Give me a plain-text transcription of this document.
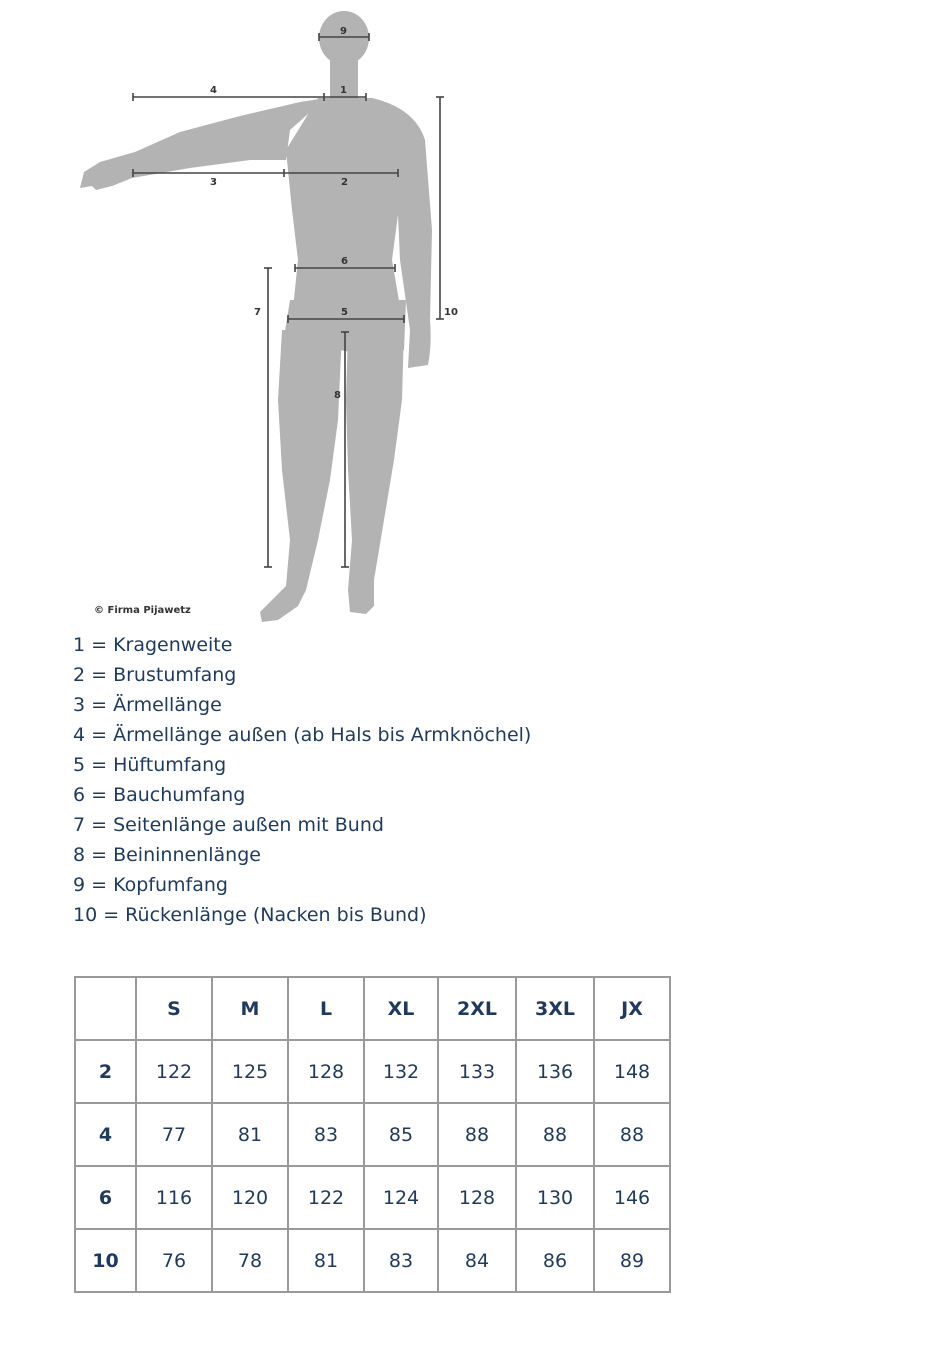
9
1
4
3	2
6
5
7
8
10
© Firma Pijawetz
1 = Kragenweite
2 = Brustumfang
3 = Ärmellänge
4 = Ärmellänge außen (ab Hals bis Armknöchel)
5 = Hüftumfang
6 = Bauchumfang
7 = Seitenlänge außen mit Bund
8 = Beininnenlänge
9 = Kopfumfang
10 = Rückenlänge (Nacken bis Bund)
	S	M	L	XL	2XL	3XL	JX
2	122	125	128	132	133	136	148
4	77	81	83	85	88	88	88
6	116	120	122	124	128	130	146
10	76	78	81	83	84	86	89
